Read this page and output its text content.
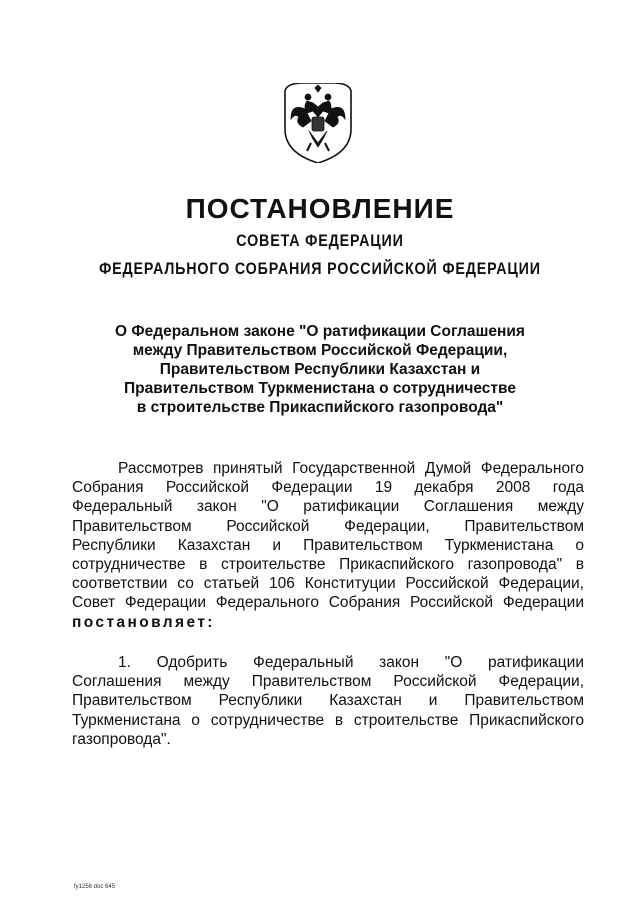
ПОСТАНОВЛЕНИЕ
СОВЕТА ФЕДЕРАЦИИ
ФЕДЕРАЛЬНОГО СОБРАНИЯ РОССИЙСКОЙ ФЕДЕРАЦИИ
О Федеральном законе "О ратификации Соглашения
между Правительством Российской Федерации,
Правительством Республики Казахстан и
Правительством Туркменистана о сотрудничестве
в строительстве Прикаспийского газопровода"
Рассмотрев принятый Государственной Думой Федерального
Собрания Российской Федерации 19 декабря 2008 года
Федеральный закон "О ратификации Соглашения между
Правительством Российской Федерации, Правительством
Республики Казахстан и Правительством Туркменистана о
сотрудничестве в строительстве Прикаспийского газопровода" в
соответствии со статьей 106 Конституции Российской Федерации,
Совет Федерации Федерального Собрания Российской Федерации
постановляет:
1. Одобрить Федеральный закон "О ратификации
Соглашения между Правительством Российской Федерации,
Правительством Республики Казахстан и Правительством
Туркменистана о сотрудничестве в строительстве Прикаспийского
газопровода".
fy1256 doc 645
